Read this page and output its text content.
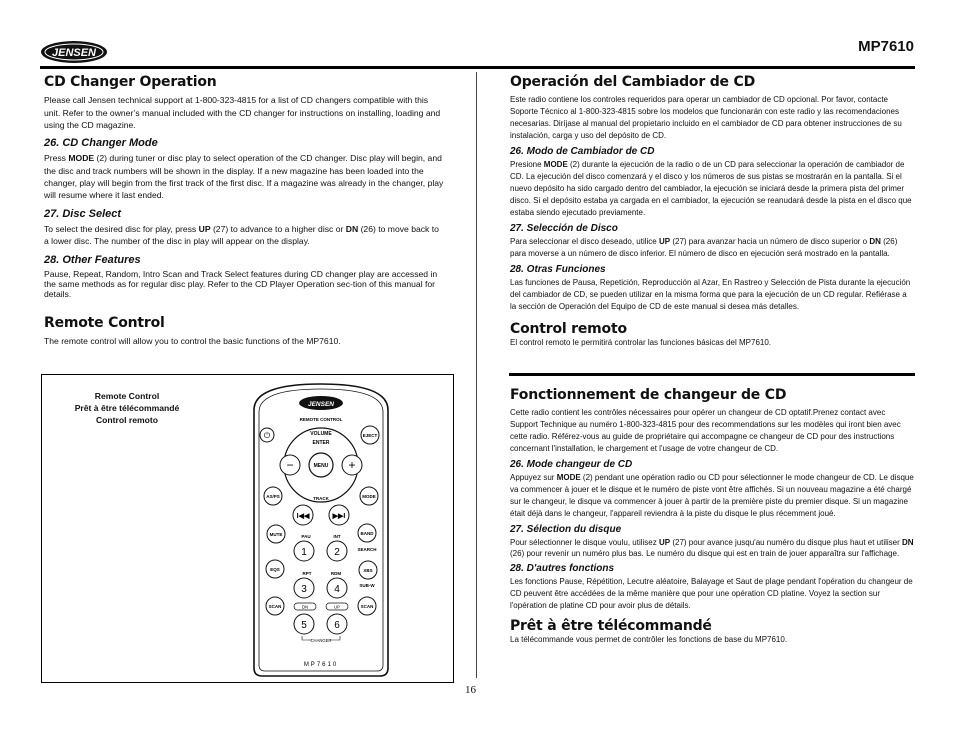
JENSEN	MP7610
CD Changer Operation

Please call Jensen technical support at 1-800-323-4815 for a list of CD changers compatible with this unit. Refer to the owner’s manual included with the CD changer for instructions on installing, loading and using the CD magazine.

26. CD Changer Mode

Press MODE (2) during tuner or disc play to select operation of the CD changer. Disc play will begin, and the disc and track numbers will be shown in the display. If a new magazine has been loaded into the changer, play will begin from the first track of the first disc. If a magazine was already in the changer, play will resume where it last ended.

27. Disc Select

To select the desired disc for play, press UP (27) to advance to a higher disc or DN (26) to move back to a lower disc. The number of the disc in play will appear on the display.

28. Other Features

Pause, Repeat, Random, Intro Scan and Track Select features during CD changer play are accessed in the same methods as for regular disc play. Refer to the CD Player Operation sec-tion of this manual for details.

Remote Control

The remote control will allow you to control the basic functions of the MP7610.

Remote Control
Prêt à être télécommandé
Control remoto
JENSEN
REMOTE CONTROL
⏻	EJECT
VOLUME
ENTER
−	MENU +
TRACK
AS/PS	MODE
I◀◀	▶▶I
PAU	INT
MUTE	BAND
1	2	SEARCH
EQS	XBS
RPT	RDM
3	4	SUB-W
SCAN	SCAN
DN	UP
5	6
CHANGER
MP7610
Operación del Cambiador de CD

Este radio contiene los controles requeridos para operar un cambiador de CD opcional. Por favor, contacte Soporte Técnico al 1-800-323-4815 sobre los modelos que funcionarán con este radio y las recomendaciones necesarias. Diríjase al manual del propietario incluido en el cambiador de CD para obtener instrucciones de su instalación, carga y uso del depósito de CD.

26. Modo de Cambiador de CD

Presione MODE (2) durante la ejecución de la radio o de un CD para seleccionar la operación de cambiador de CD. La ejecución del disco comenzará y el disco y los números de sus pistas se mostrarán en la pantalla. Si el nuevo depósito ha sido cargado dentro del cambiador, la ejecución se iniciará desde la primera pista del primer disco. Si el depósito estaba ya cargada en el cambiador, la ejecución se reanudará desde la pista en el disco que estaba siendo ejecutado previamente.

27. Selección de Disco

Para seleccionar el disco deseado, utilice UP (27) para avanzar hacia un número de disco superior o DN (26) para moverse a un número de disco inferior. El número de disco en ejecución será mostrado en la pantalla.

28. Otras Funciones

Las funciones de Pausa, Repetición, Reproducción al Azar, En Rastreo y Selección de Pista durante la ejecución del cambiador de CD, se pueden utilizar en la misma forma que para la ejecución de un CD regular. Refiérase a la sección de Operación del Equipo de CD de este manual si desea más detalles.

Control remoto

El control remoto le permitirá controlar las funciones básicas del MP7610.

Fonctionnement de changeur de CD

Cette radio contient les contrôles nécessaires pour opérer un changeur de CD optatif.Prenez contact avec Support Technique au numéro 1-800-323-4815 pour des recommendations sur les modèles qui iront bien avec cette radio. Référez-vous au guide de propriétaire qui accompagne ce changeur de CD pour des instructions concernant l'installation, le chargement et l'usage de votre changeur de CD.

26. Mode changeur de CD

Appuyez sur MODE (2) pendant une opération radio ou CD pour sélectionner le mode changeur de CD. Le disque va commencer à jouer et le disque et le numéro de piste vont être affichés. Si un nouveau magazine a été chargé sur le changeur, le disque va commencer à jouer à partir de la première piste du premier disque. Si un magazine était déjà dans le changeur, l'appareil reviendra à la piste du disque le plus récemment joué.

27. Sélection du disque

Pour sélectionner le disque voulu, utilisez UP (27) pour avance jusqu'au numéro du disque plus haut et utiliser DN (26) pour revenir un numéro plus bas. Le numéro du disque qui est en train de jouer apparaîtra sur l'affichage.

28. D'autres fonctions

Les fonctions Pause, Répétition, Lecutre aléatoire, Balayage et Saut de plage pendant l'opération du changeur de CD peuvent être accédées de la même manière que pour une opération CD platine. Voyez la section sur l'opération de platine CD pour avoir plus de détails.

Prêt à être télécommandé

La télécommande vous permet de contrôler les fonctions de base du MP7610.

16
